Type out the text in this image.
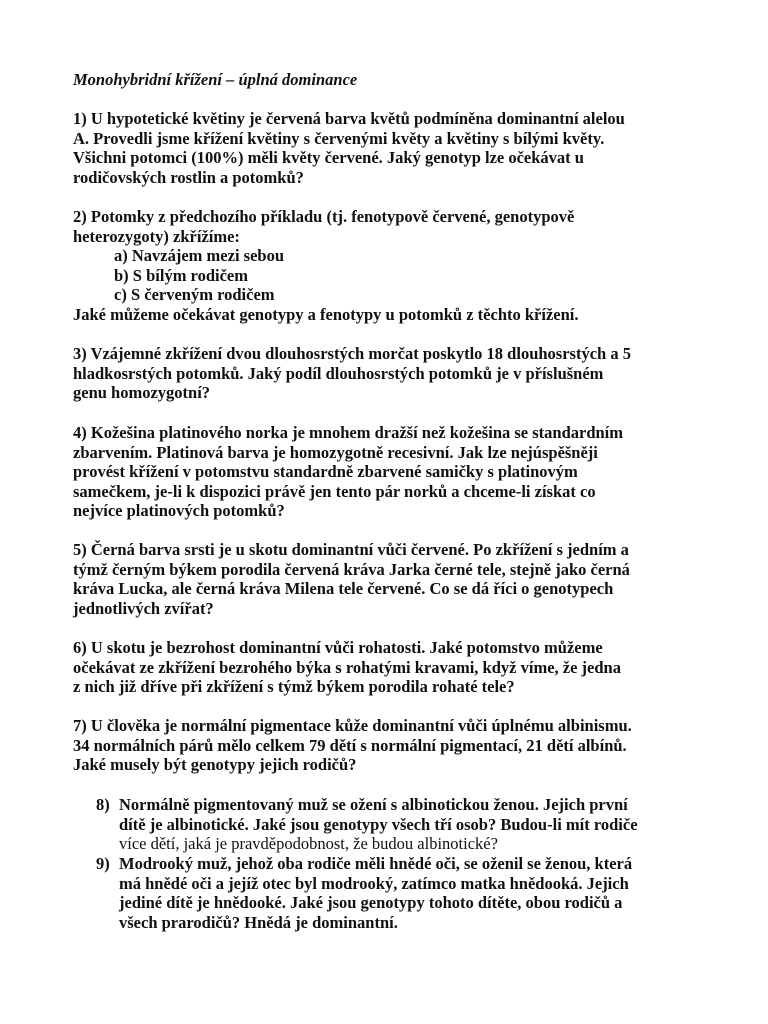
Monohybridní křížení – úplná dominance
1) U hypotetické květiny je červená barva květů podmíněna dominantní alelou
A. Provedli jsme křížení květiny s červenými květy a květiny s bílými květy.
Všichni potomci (100%) měli květy červené. Jaký genotyp lze očekávat u
rodičovských rostlin a potomků?
2) Potomky z předchozího příkladu (tj. fenotypově červené, genotypově
heterozygoty) zkřížíme:
a) Navzájem mezi sebou
b) S bílým rodičem
c) S červeným rodičem
Jaké můžeme očekávat genotypy a fenotypy u potomků z těchto křížení.
3) Vzájemné zkřížení dvou dlouhosrstých morčat poskytlo 18 dlouhosrstých a 5
hladkosrstých potomků. Jaký podíl dlouhosrstých potomků je v příslušném
genu homozygotní?
4) Kožešina platinového norka je mnohem dražší než kožešina se standardním
zbarvením. Platinová barva je homozygotně recesivní. Jak lze nejúspěšněji
provést křížení v potomstvu standardně zbarvené samičky s platinovým
samečkem, je-li k dispozici právě jen tento pár norků a chceme-li získat co
nejvíce platinových potomků?
5) Černá barva srsti je u skotu dominantní vůči červené. Po zkřížení s jedním a
týmž černým býkem porodila červená kráva Jarka černé tele, stejně jako černá
kráva Lucka, ale černá kráva Milena tele červené. Co se dá říci o genotypech
jednotlivých zvířat?
6) U skotu je bezrohost dominantní vůči rohatosti. Jaké potomstvo můžeme
očekávat ze zkřížení bezrohého býka s rohatými kravami, když víme, že jedna
z nich již dříve při zkřížení s týmž býkem porodila rohaté tele?
7) U člověka je normální pigmentace kůže dominantní vůči úplnému albinismu.
34 normálních párů mělo celkem 79 dětí s normální pigmentací, 21 dětí albínů.
Jaké musely být genotypy jejich rodičů?
8) Normálně pigmentovaný muž se ožení s albinotickou ženou. Jejich první
dítě je albinotické. Jaké jsou genotypy všech tří osob? Budou-li mít rodiče
více dětí, jaká je pravděpodobnost, že budou albinotické?
9) Modrooký muž, jehož oba rodiče měli hnědé oči, se oženil se ženou, která
má hnědé oči a jejíž otec byl modrooký, zatímco matka hnědooká. Jejich
jediné dítě je hnědooké. Jaké jsou genotypy tohoto dítěte, obou rodičů a
všech prarodičů? Hnědá je dominantní.
